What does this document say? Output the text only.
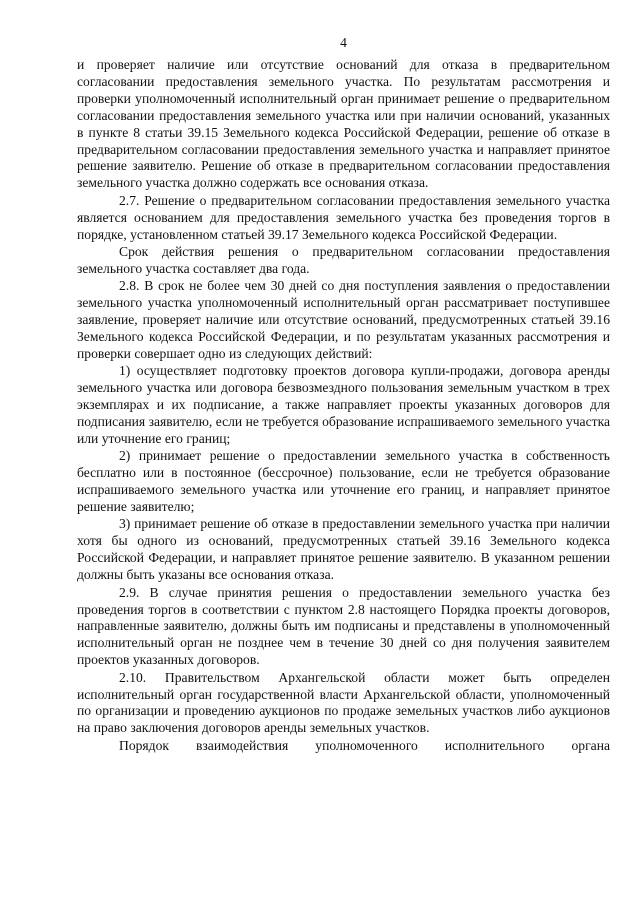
4

и проверяет наличие или отсутствие оснований для отказа в предварительном согласовании предоставления земельного участка. По результатам рассмотрения и проверки уполномоченный исполнительный орган принимает решение о предварительном согласовании предоставления земельного участка или при наличии оснований, указанных в пункте 8 статьи 39.15 Земельного кодекса Российской Федерации, решение об отказе в предварительном согласовании предоставления земельного участка и направляет принятое решение заявителю. Решение об отказе в предварительном согласовании предоставления земельного участка должно содержать все основания отказа.

2.7. Решение о предварительном согласовании предоставления земельного участка является основанием для предоставления земельного участка без проведения торгов в порядке, установленном статьей 39.17 Земельного кодекса Российской Федерации.

Срок действия решения о предварительном согласовании предоставления земельного участка составляет два года.

2.8. В срок не более чем 30 дней со дня поступления заявления о предоставлении земельного участка уполномоченный исполнительный орган рассматривает поступившее заявление, проверяет наличие или отсутствие оснований, предусмотренных статьей 39.16 Земельного кодекса Российской Федерации, и по результатам указанных рассмотрения и проверки совершает одно из следующих действий:

1) осуществляет подготовку проектов договора купли-продажи, договора аренды земельного участка или договора безвозмездного пользования земельным участком в трех экземплярах и их подписание, а также направляет проекты указанных договоров для подписания заявителю, если не требуется образование испрашиваемого земельного участка или уточнение его границ;

2) принимает решение о предоставлении земельного участка в собственность бесплатно или в постоянное (бессрочное) пользование, если не требуется образование испрашиваемого земельного участка или уточнение его границ, и направляет принятое решение заявителю;

3) принимает решение об отказе в предоставлении земельного участка при наличии хотя бы одного из оснований, предусмотренных статьей 39.16 Земельного кодекса Российской Федерации, и направляет принятое решение заявителю. В указанном решении должны быть указаны все основания отказа.

2.9. В случае принятия решения о предоставлении земельного участка без проведения торгов в соответствии с пунктом 2.8 настоящего Порядка проекты договоров, направленные заявителю, должны быть им подписаны и представлены в уполномоченный исполнительный орган не позднее чем в течение 30 дней со дня получения заявителем проектов указанных договоров.

2.10. Правительством Архангельской области может быть определен исполнительный орган государственной власти Архангельской области, уполномоченный по организации и проведению аукционов по продаже земельных участков либо аукционов на право заключения договоров аренды земельных участков.

Порядок взаимодействия уполномоченного исполнительного органа
